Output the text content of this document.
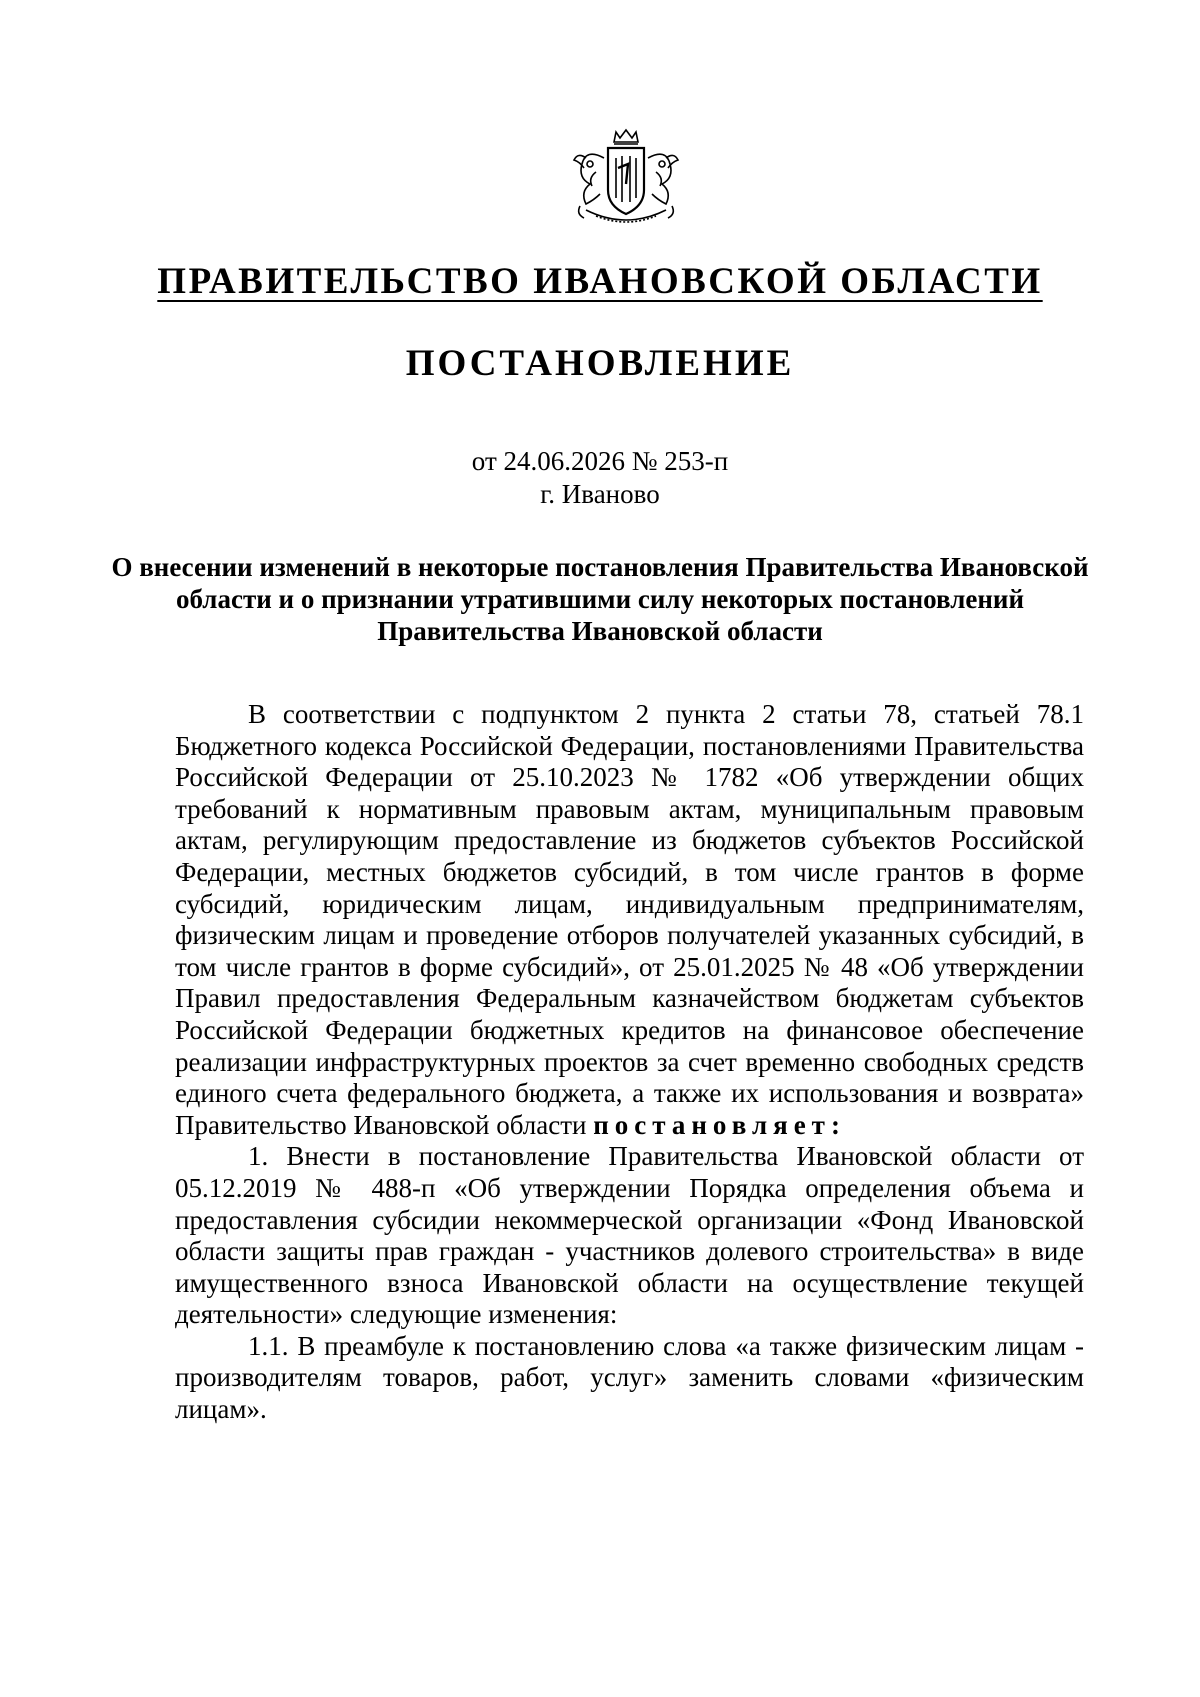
ПРАВИТЕЛЬСТВО ИВАНОВСКОЙ ОБЛАСТИ
ПОСТАНОВЛЕНИЕ
от 24.06.2026 № 253-п
г. Иваново
О внесении изменений в некоторые постановления Правительства Ивановской области и о признании утратившими силу некоторых постановлений Правительства Ивановской области

В соответствии с подпунктом 2 пункта 2 статьи 78, статьей 78.1 Бюджетного кодекса Российской Федерации, постановлениями Правительства Российской Федерации от 25.10.2023 № 1782 «Об утверждении общих требований к нормативным правовым актам, муниципальным правовым актам, регулирующим предоставление из бюджетов субъектов Российской Федерации, местных бюджетов субсидий, в том числе грантов в форме субсидий, юридическим лицам, индивидуальным предпринимателям, физическим лицам и проведение отборов получателей указанных субсидий, в том числе грантов в форме субсидий», от 25.01.2025 № 48 «Об утверждении Правил предоставления Федеральным казначейством бюджетам субъектов Российской Федерации бюджетных кредитов на финансовое обеспечение реализации инфраструктурных проектов за счет временно свободных средств единого счета федерального бюджета, а также их использования и возврата» Правительство Ивановской области постановляет:

1. Внести в постановление Правительства Ивановской области от 05.12.2019 № 488-п «Об утверждении Порядка определения объема и предоставления субсидии некоммерческой организации «Фонд Ивановской области защиты прав граждан - участников долевого строительства» в виде имущественного взноса Ивановской области на осуществление текущей деятельности» следующие изменения:

1.1. В преамбуле к постановлению слова «а также физическим лицам - производителям товаров, работ, услуг» заменить словами «физическим лицам».
